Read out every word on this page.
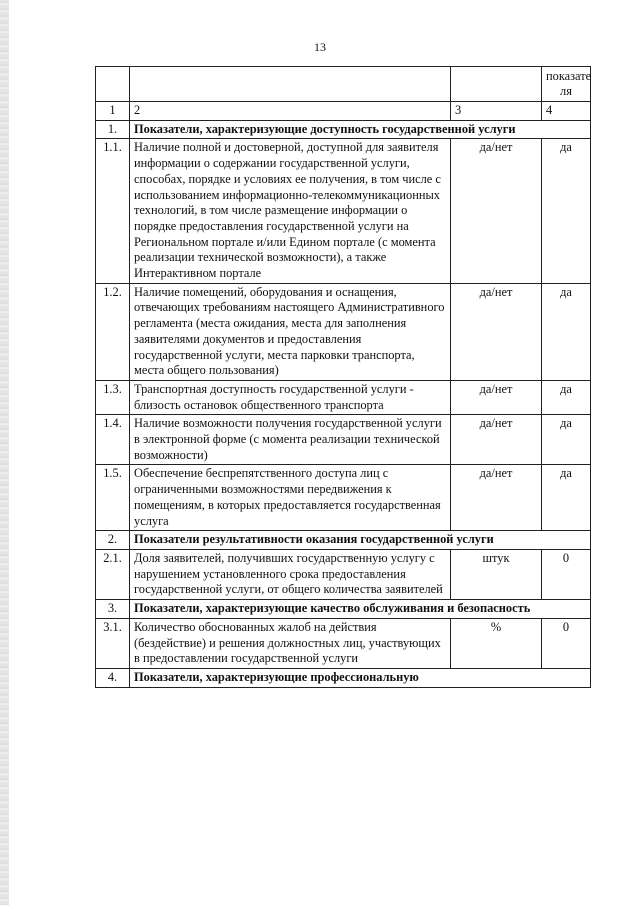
13
			показате ля
1	2	3	4
1.	Показатели, характеризующие доступность государственной услуги		
1.1.	Наличие полной и достоверной, доступной для заявителя информации о содержании государственной услуги, способах, порядке и условиях ее получения, в том числе с использованием информационно-телекоммуникационных технологий, в том числе размещение информации о порядке предоставления государственной услуги на Региональном портале и/или Едином портале (с момента реализации технической возможности), а также Интерактивном портале	да/нет	да
1.2.	Наличие помещений, оборудования и оснащения, отвечающих требованиям настоящего Административного регламента (места ожидания, места для заполнения заявителями документов и предоставления государственной услуги, места парковки транспорта, места общего пользования)	да/нет	да
1.3.	Транспортная доступность государственной услуги - близость остановок общественного транспорта	да/нет	да
1.4.	Наличие возможности получения государственной услуги в электронной форме (с момента реализации технической возможности)	да/нет	да
1.5.	Обеспечение беспрепятственного доступа лиц с ограниченными возможностями передвижения к помещениям, в которых предоставляется государственная услуга	да/нет	да
2.	Показатели результативности оказания государственной услуги		
2.1.	Доля заявителей, получивших государственную услугу с нарушением установленного срока предоставления государственной услуги, от общего количества заявителей	штук	0
3.	Показатели, характеризующие качество обслуживания и безопасность		
3.1.	Количество обоснованных жалоб на действия (бездействие) и решения должностных лиц, участвующих в предоставлении государственной услуги	%	0
4.	Показатели, характеризующие профессиональную		
